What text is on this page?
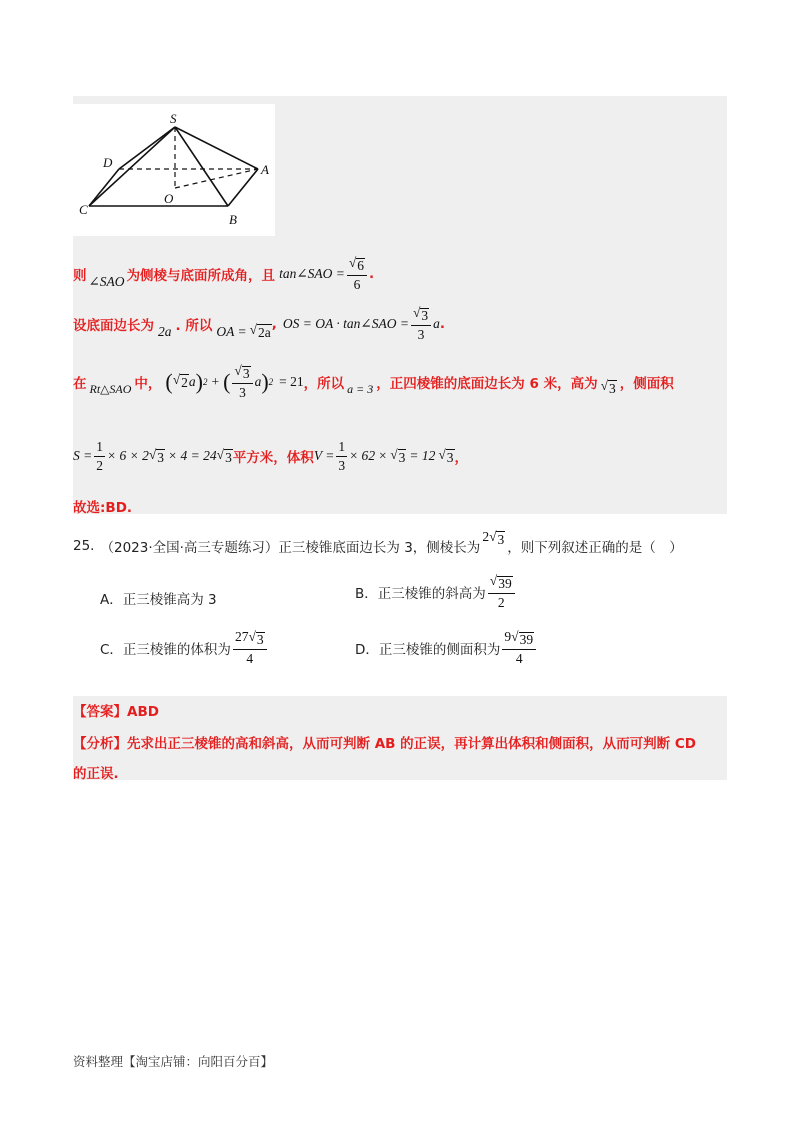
S
D	A
O
C
B
则 ∠SAO 为侧棱与底面所成角，且 tan∠SAO = $\frac{√ 6}{6}$ .
设底面边长为 2a . 所以 OA = √ 2a
, OS = OA · tan∠SAO = $\frac{√ 3}{3}$ a .
在 Rt△SAO 中， ( √ 2 a ) 2 + ( $\frac{√ 3}{3}$ a ) 2 = 21 ，所以 a = 3 ，正四棱锥的底面边长为 6 米，高为 √ 3 ，侧面积
$S = \frac{1}{2} \times 6 \times 2$ √ 3 × 4 = 24 √ 3 平方米，体积 $V = \frac{1}{3} \times 6$ 2 × √ 3 = 12 √ 3 ，
故选:BD.
25. （2023·全国·高三专题练习）正三棱锥底面边长为 3，侧棱长为
2 √ 3
，则下列叙述正确的是（　）
A．正三棱锥高为 3	B．正三棱锥的斜高为 $\frac{√ 39}{2}$
C．正三棱锥的体积为 $\frac{27 √ 3}{4}$	D．正三棱锥的侧面积为 $\frac{9 √ 39}{4}$
【答案】ABD
【分析】先求出正三棱锥的高和斜高，从而可判断 AB 的正误，再计算出体积和侧面积，从而可判断 CD
的正误.
资料整理【淘宝店铺：向阳百分百】
